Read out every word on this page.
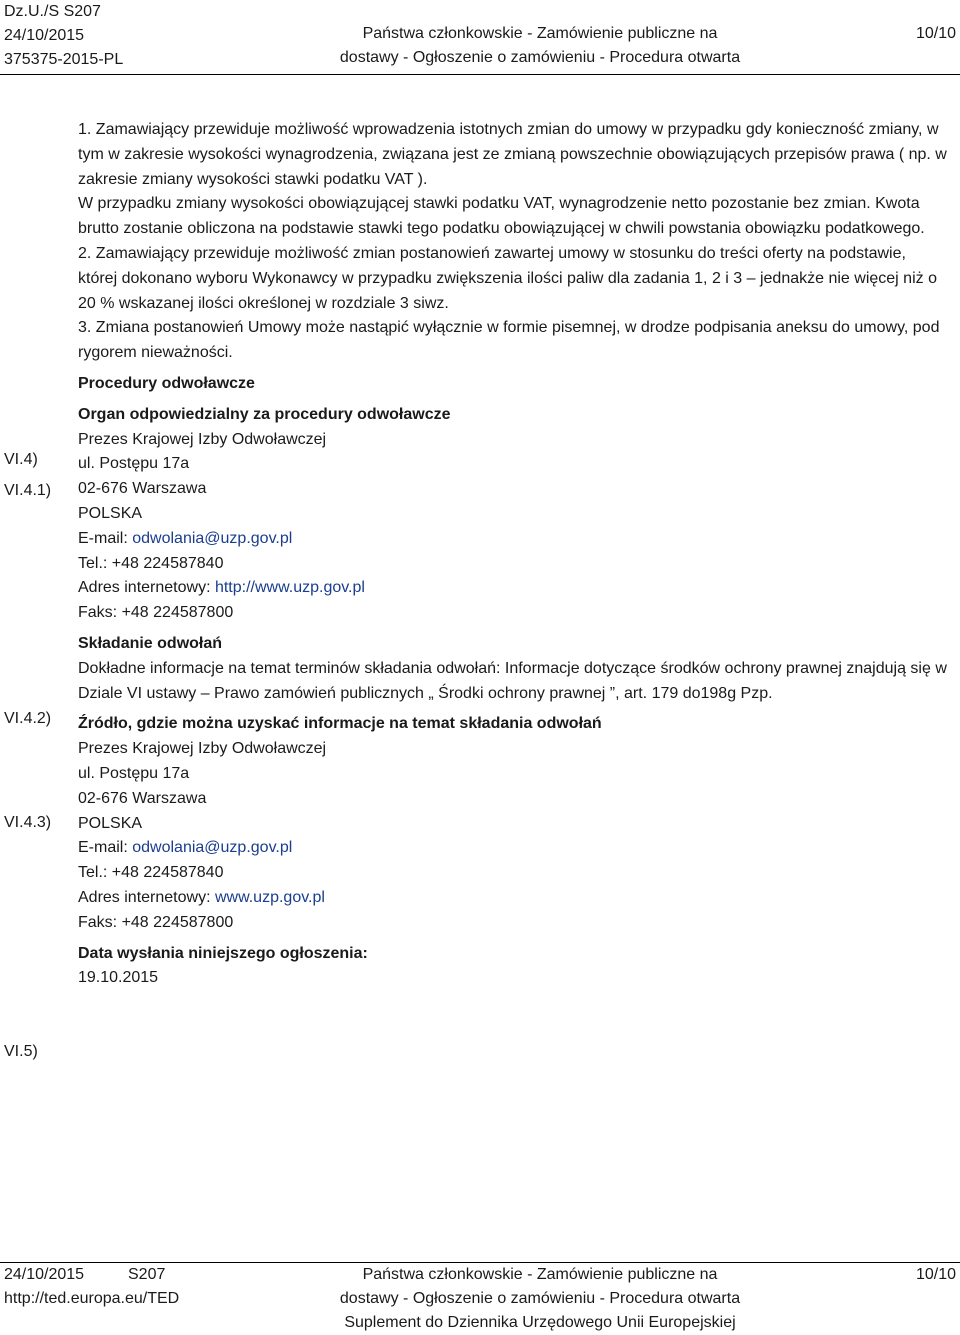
Dz.U./S S207
24/10/2015
375375-2015-PL
Państwa członkowskie - Zamówienie publiczne na
dostawy - Ogłoszenie o zamówieniu - Procedura otwarta
10/10
VI.4)
VI.4.1)
VI.4.2)
VI.4.3)
VI.5)

1. Zamawiający przewiduje możliwość wprowadzenia istotnych zmian do umowy w przypadku gdy konieczność zmiany, w tym w zakresie wysokości wynagrodzenia, związana jest ze zmianą powszechnie obowiązujących przepisów prawa ( np. w zakresie zmiany wysokości stawki podatku VAT ).

W przypadku zmiany wysokości obowiązującej stawki podatku VAT, wynagrodzenie netto pozostanie bez zmian. Kwota brutto zostanie obliczona na podstawie stawki tego podatku obowiązującej w chwili powstania obowiązku podatkowego.

2. Zamawiający przewiduje możliwość zmian postanowień zawartej umowy w stosunku do treści oferty na podstawie, której dokonano wyboru Wykonawcy w przypadku zwiększenia ilości paliw dla zadania 1, 2 i 3 – jednakże nie więcej niż o 20 % wskazanej ilości określonej w rozdziale 3 siwz.

3. Zmiana postanowień Umowy może nastąpić wyłącznie w formie pisemnej, w drodze podpisania aneksu do umowy, pod rygorem nieważności.

Procedury odwoławcze

Organ odpowiedzialny za procedury odwoławcze

Prezes Krajowej Izby Odwoławczej

ul. Postępu 17a

02-676 Warszawa

POLSKA

E-mail: odwolania@uzp.gov.pl

Tel.: +48 224587840

Adres internetowy: http://www.uzp.gov.pl

Faks: +48 224587800

Składanie odwołań

Dokładne informacje na temat terminów składania odwołań: Informacje dotyczące środków ochrony prawnej znajdują się w Dziale VI ustawy – Prawo zamówień publicznych „ Środki ochrony prawnej ”, art. 179 do198g Pzp.

Źródło, gdzie można uzyskać informacje na temat składania odwołań

Prezes Krajowej Izby Odwoławczej

ul. Postępu 17a

02-676 Warszawa

POLSKA

E-mail: odwolania@uzp.gov.pl

Tel.: +48 224587840

Adres internetowy: www.uzp.gov.pl

Faks: +48 224587800

Data wysłania niniejszego ogłoszenia:

19.10.2015

24/10/2015	S207
http://ted.europa.eu/TED
Państwa członkowskie - Zamówienie publiczne na
dostawy - Ogłoszenie o zamówieniu - Procedura otwarta
Suplement do Dziennika Urzędowego Unii Europejskiej
10/10
